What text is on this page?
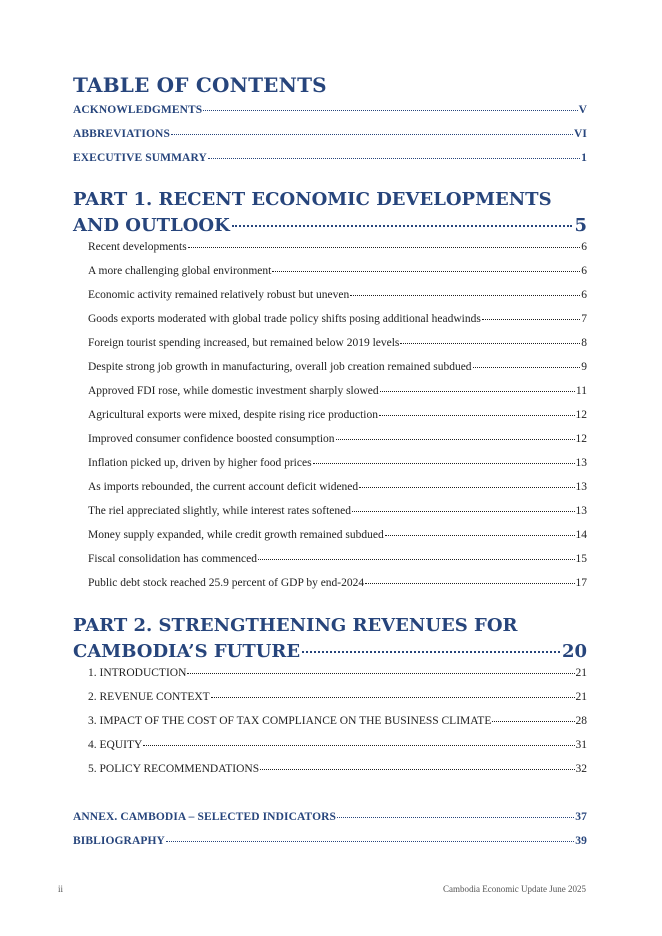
TABLE OF CONTENTS
ACKNOWLEDGMENTS	V
ABBREVIATIONS	VI
EXECUTIVE SUMMARY	1
PART 1. RECENT ECONOMIC DEVELOPMENTS
AND OUTLOOK	5
Recent developments	6
A more challenging global environment	6
Economic activity remained relatively robust but uneven	6
Goods exports moderated with global trade policy shifts posing additional headwinds	7
Foreign tourist spending increased, but remained below 2019 levels	8
Despite strong job growth in manufacturing, overall job creation remained subdued	9
Approved FDI rose, while domestic investment sharply slowed	11
Agricultural exports were mixed, despite rising rice production	12
Improved consumer confidence boosted consumption	12
Inflation picked up, driven by higher food prices	13
As imports rebounded, the current account deficit widened	13
The riel appreciated slightly, while interest rates softened	13
Money supply expanded, while credit growth remained subdued	14
Fiscal consolidation has commenced	15
Public debt stock reached 25.9 percent of GDP by end-2024	17
PART 2. STRENGTHENING REVENUES FOR
CAMBODIA’S FUTURE	20
1. INTRODUCTION	21
2. REVENUE CONTEXT	21
3. IMPACT OF THE COST OF TAX COMPLIANCE ON THE BUSINESS CLIMATE	28
4. EQUITY	31
5. POLICY RECOMMENDATIONS	32
ANNEX. CAMBODIA – SELECTED INDICATORS	37
BIBLIOGRAPHY	39
ii	Cambodia Economic Update June 2025
